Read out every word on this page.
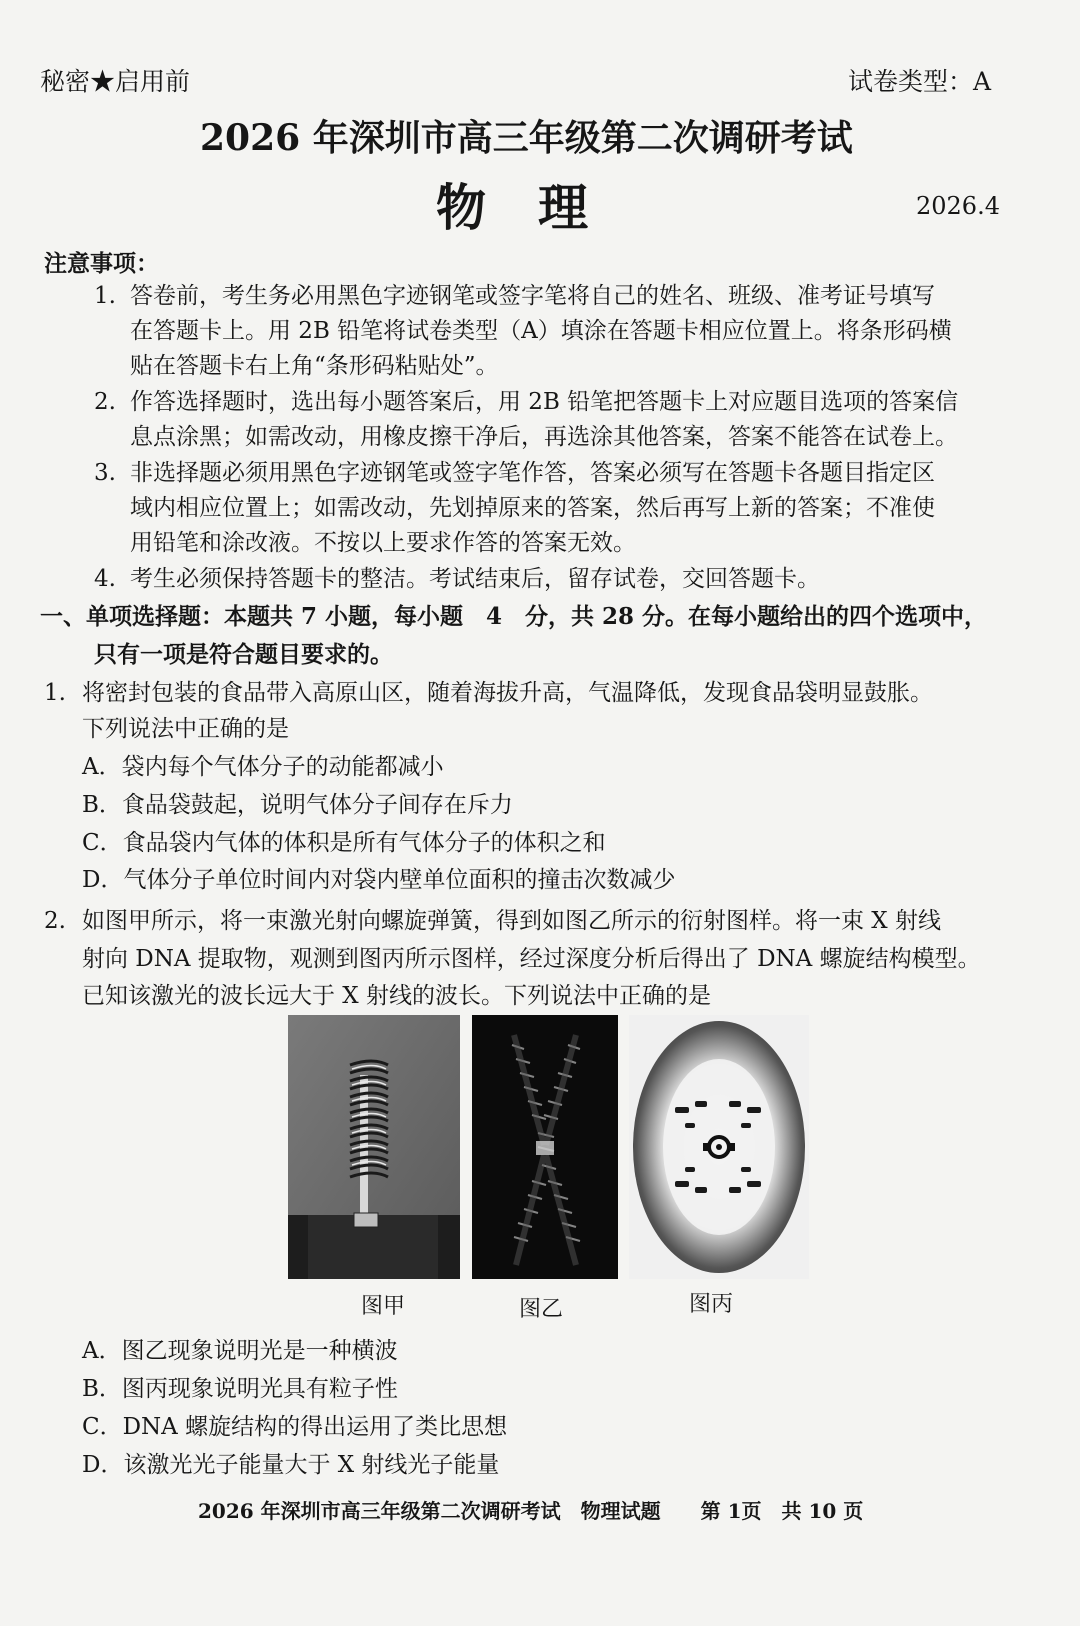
秘密★启用前	试卷类型：A
2026 年深圳市高三年级第二次调研考试
物理	2026.4
注意事项：
1. 答卷前，考生务必用黑色字迹钢笔或签字笔将自己的姓名、班级、准考证号填写
在答题卡上。用 2B 铅笔将试卷类型（A）填涂在答题卡相应位置上。将条形码横
贴在答题卡右上角“条形码粘贴处”。
2. 作答选择题时，选出每小题答案后，用 2B 铅笔把答题卡上对应题目选项的答案信
息点涂黑；如需改动，用橡皮擦干净后，再选涂其他答案，答案不能答在试卷上。
3. 非选择题必须用黑色字迹钢笔或签字笔作答，答案必须写在答题卡各题目指定区
域内相应位置上；如需改动，先划掉原来的答案，然后再写上新的答案；不准使
用铅笔和涂改液。不按以上要求作答的答案无效。
4. 考生必须保持答题卡的整洁。考试结束后，留存试卷，交回答题卡。
一、单项选择题：本题共 7 小题，每小题　4　分，共 28 分。在每小题给出的四个选项中，
只有一项是符合题目要求的。
1. 将密封包装的食品带入高原山区，随着海拔升高，气温降低，发现食品袋明显鼓胀。
下列说法中正确的是
A．袋内每个气体分子的动能都减小
B．食品袋鼓起，说明气体分子间存在斥力
C．食品袋内气体的体积是所有气体分子的体积之和
D．气体分子单位时间内对袋内壁单位面积的撞击次数减少
2. 如图甲所示，将一束激光射向螺旋弹簧，得到如图乙所示的衍射图样。将一束 X 射线
射向 DNA 提取物，观测到图丙所示图样，经过深度分析后得出了 DNA 螺旋结构模型。
已知该激光的波长远大于 X 射线的波长。下列说法中正确的是
图甲	图乙	图丙
A．图乙现象说明光是一种横波
B．图丙现象说明光具有粒子性
C．DNA 螺旋结构的得出运用了类比思想
D．该激光光子能量大于 X 射线光子能量
2026 年深圳市高三年级第二次调研考试　物理试题　　第 1页　共 10 页
